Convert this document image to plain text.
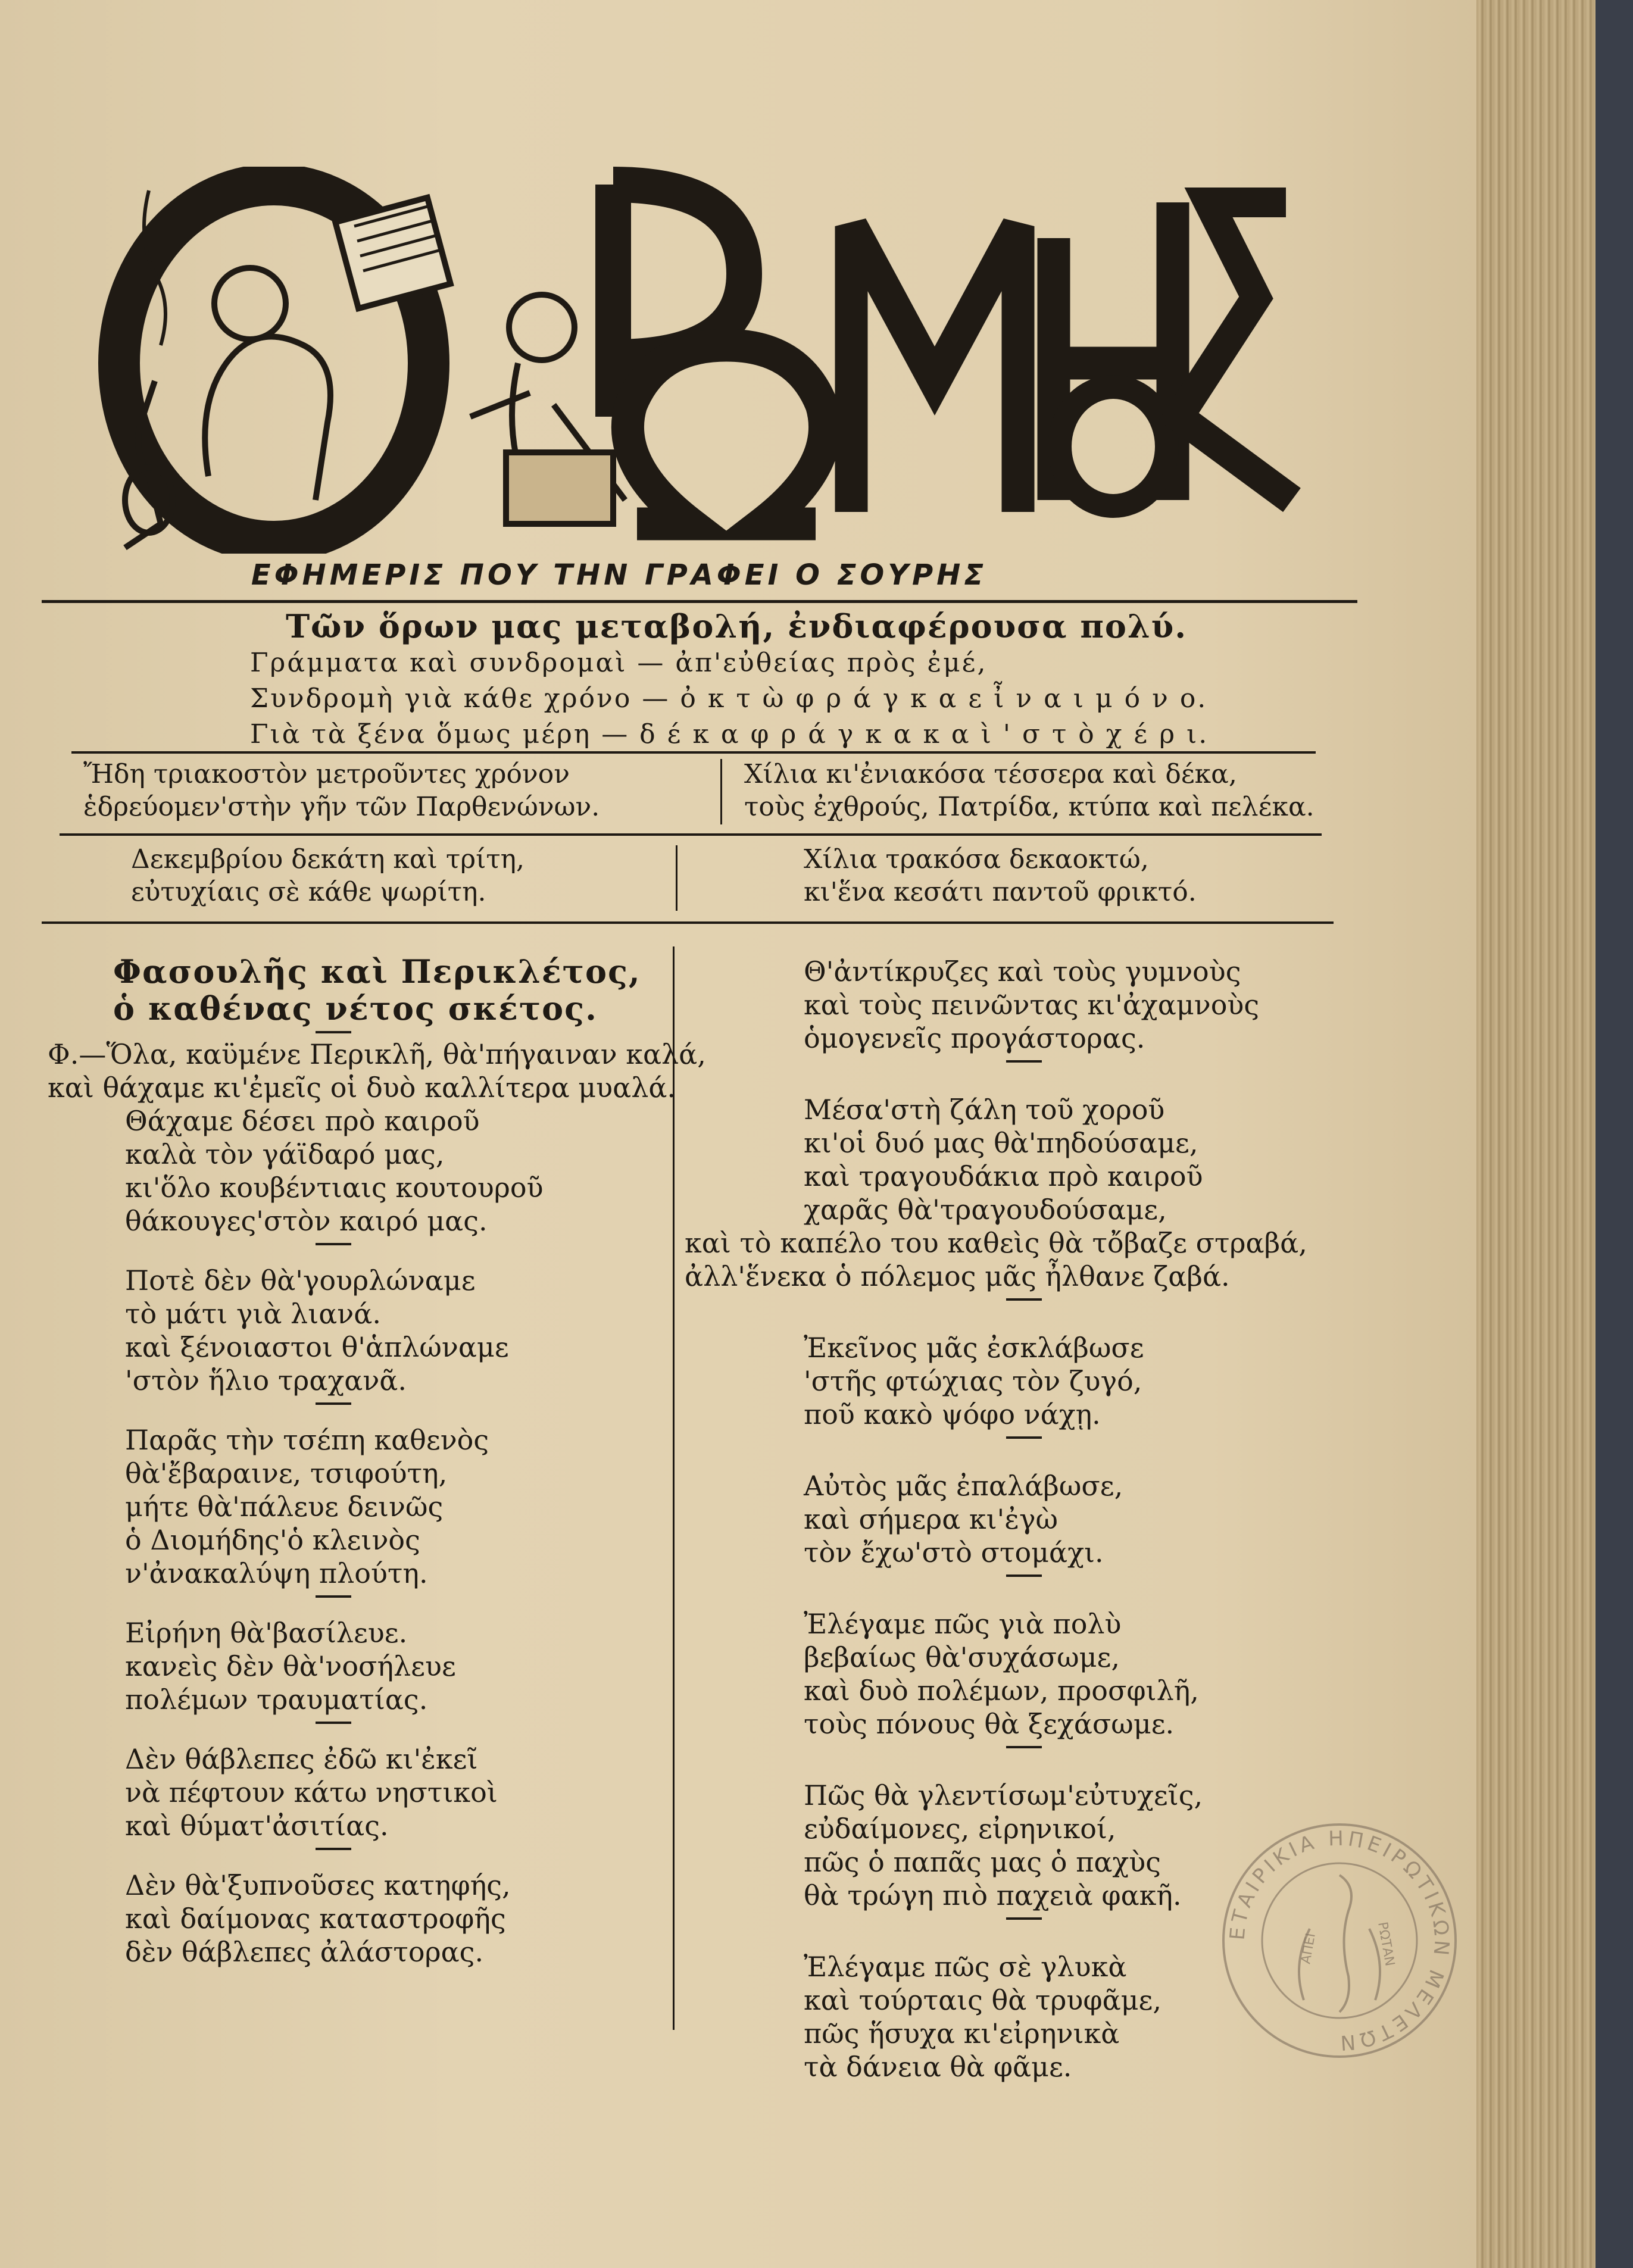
ΕΦΗΜΕΡΙΣ ΠΟΥ ΤΗΝ ΓΡΑΦΕΙ Ο ΣΟΥΡΗΣ
Τῶν ὅρων μας μεταβολή, ἐνδιαφέρουσα πολύ.
Γράμματα καὶ συνδρομαὶ — ἀπ'εὐθείας πρὸς ἐμέ,
Συνδρομὴ γιὰ κάθε χρόνο — ὀ κ τ ὼ φ ρ ά γ κ α ε ἶ ν α ι μ ό ν ο.
Γιὰ τὰ ξένα ὅμως μέρη — δ έ κ α φ ρ ά γ κ α κ α ὶ ' σ τ ὸ χ έ ρ ι.
Ἤδη τριακοστὸν μετροῦντες χρόνον
ἑδρεύομεν'στὴν γῆν τῶν Παρθενώνων.
Χίλια κι'ἐνιακόσα τέσσερα καὶ δέκα,
τοὺς ἐχθρούς, Πατρίδα, κτύπα καὶ πελέκα.
Δεκεμβρίου δεκάτη καὶ τρίτη,
εὐτυχίαις σὲ κάθε ψωρίτη.
Χίλια τρακόσα δεκαοκτώ,
κι'ἕνα κεσάτι παντοῦ φρικτό.
ΕΤΑΙΡΙΚΙΑ ΗΠΕΙΡΩΤΙΚΩΝ ΜΕΛΕΤΩΝ
ΑΠΕΙ	ΡΩΤΑΝ
Φασουλῆς καὶ Περικλέτος,
ὁ καθένας νέτος σκέτος.
Φ.—Ὅλα, καϋμένε Περικλῆ, θὰ'πήγαιναν καλά,
καὶ θάχαμε κι'ἐμεῖς οἱ δυὸ καλλίτερα μυαλά.
Θάχαμε δέσει πρὸ καιροῦ
καλὰ τὸν γάϊδαρό μας,
κι'ὅλο κουβέντιαις κουτουροῦ
θάκουγες'στὸν καιρό μας.
Ποτὲ δὲν θὰ'γουρλώναμε
τὸ μάτι γιὰ λιανά.
καὶ ξένοιαστοι θ'ἁπλώναμε
'στὸν ἥλιο τραχανᾶ.
Παρᾶς τὴν τσέπη καθενὸς
θὰ'ἔβαραινε, τσιφούτη,
μήτε θὰ'πάλευε δεινῶς
ὁ Διομήδης'ὁ κλεινὸς
ν'ἀνακαλύψη πλούτη.
Εἰρήνη θὰ'βασίλευε.
κανεὶς δὲν θὰ'νοσήλευε
πολέμων τραυματίας.
Δὲν θάβλεπες ἐδῶ κι'ἐκεῖ
νὰ πέφτουν κάτω νηστικοὶ
καὶ θύματ'ἀσιτίας.
Δὲν θὰ'ξυπνοῦσες κατηφής,
καὶ δαίμονας καταστροφῆς
δὲν θάβλεπες ἀλάστορας.
Θ'ἀντίκρυζες καὶ τοὺς γυμνοὺς
καὶ τοὺς πεινῶντας κι'ἀχαμνοὺς
ὁμογενεῖς προγάστορας.
Μέσα'στὴ ζάλη τοῦ χοροῦ
κι'οἱ δυό μας θὰ'πηδούσαμε,
καὶ τραγουδάκια πρὸ καιροῦ
χαρᾶς θὰ'τραγουδούσαμε,
καὶ τὸ καπέλο του καθεὶς θὰ τὄβαζε στραβά,
ἀλλ'ἕνεκα ὁ πόλεμος μᾶς ἦλθανε ζαβά.
Ἐκεῖνος μᾶς ἐσκλάβωσε
'στῆς φτώχιας τὸν ζυγό,
ποῦ κακὸ ψόφο νάχῃ.
Αὐτὸς μᾶς ἐπαλάβωσε,
καὶ σήμερα κι'ἐγὼ
τὸν ἔχω'στὸ στομάχι.
Ἐλέγαμε πῶς γιὰ πολὺ
βεβαίως θὰ'συχάσωμε,
καὶ δυὸ πολέμων, προσφιλῆ,
τοὺς πόνους θὰ ξεχάσωμε.
Πῶς θὰ γλεντίσωμ'εὐτυχεῖς,
εὐδαίμονες, εἰρηνικοί,
πῶς ὁ παπᾶς μας ὁ παχὺς
θὰ τρώγη πιὸ παχειὰ φακῆ.
Ἐλέγαμε πῶς σὲ γλυκὰ
καὶ τούρταις θὰ τρυφᾶμε,
πῶς ἥσυχα κι'εἰρηνικὰ
τὰ δάνεια θὰ φᾶμε.
